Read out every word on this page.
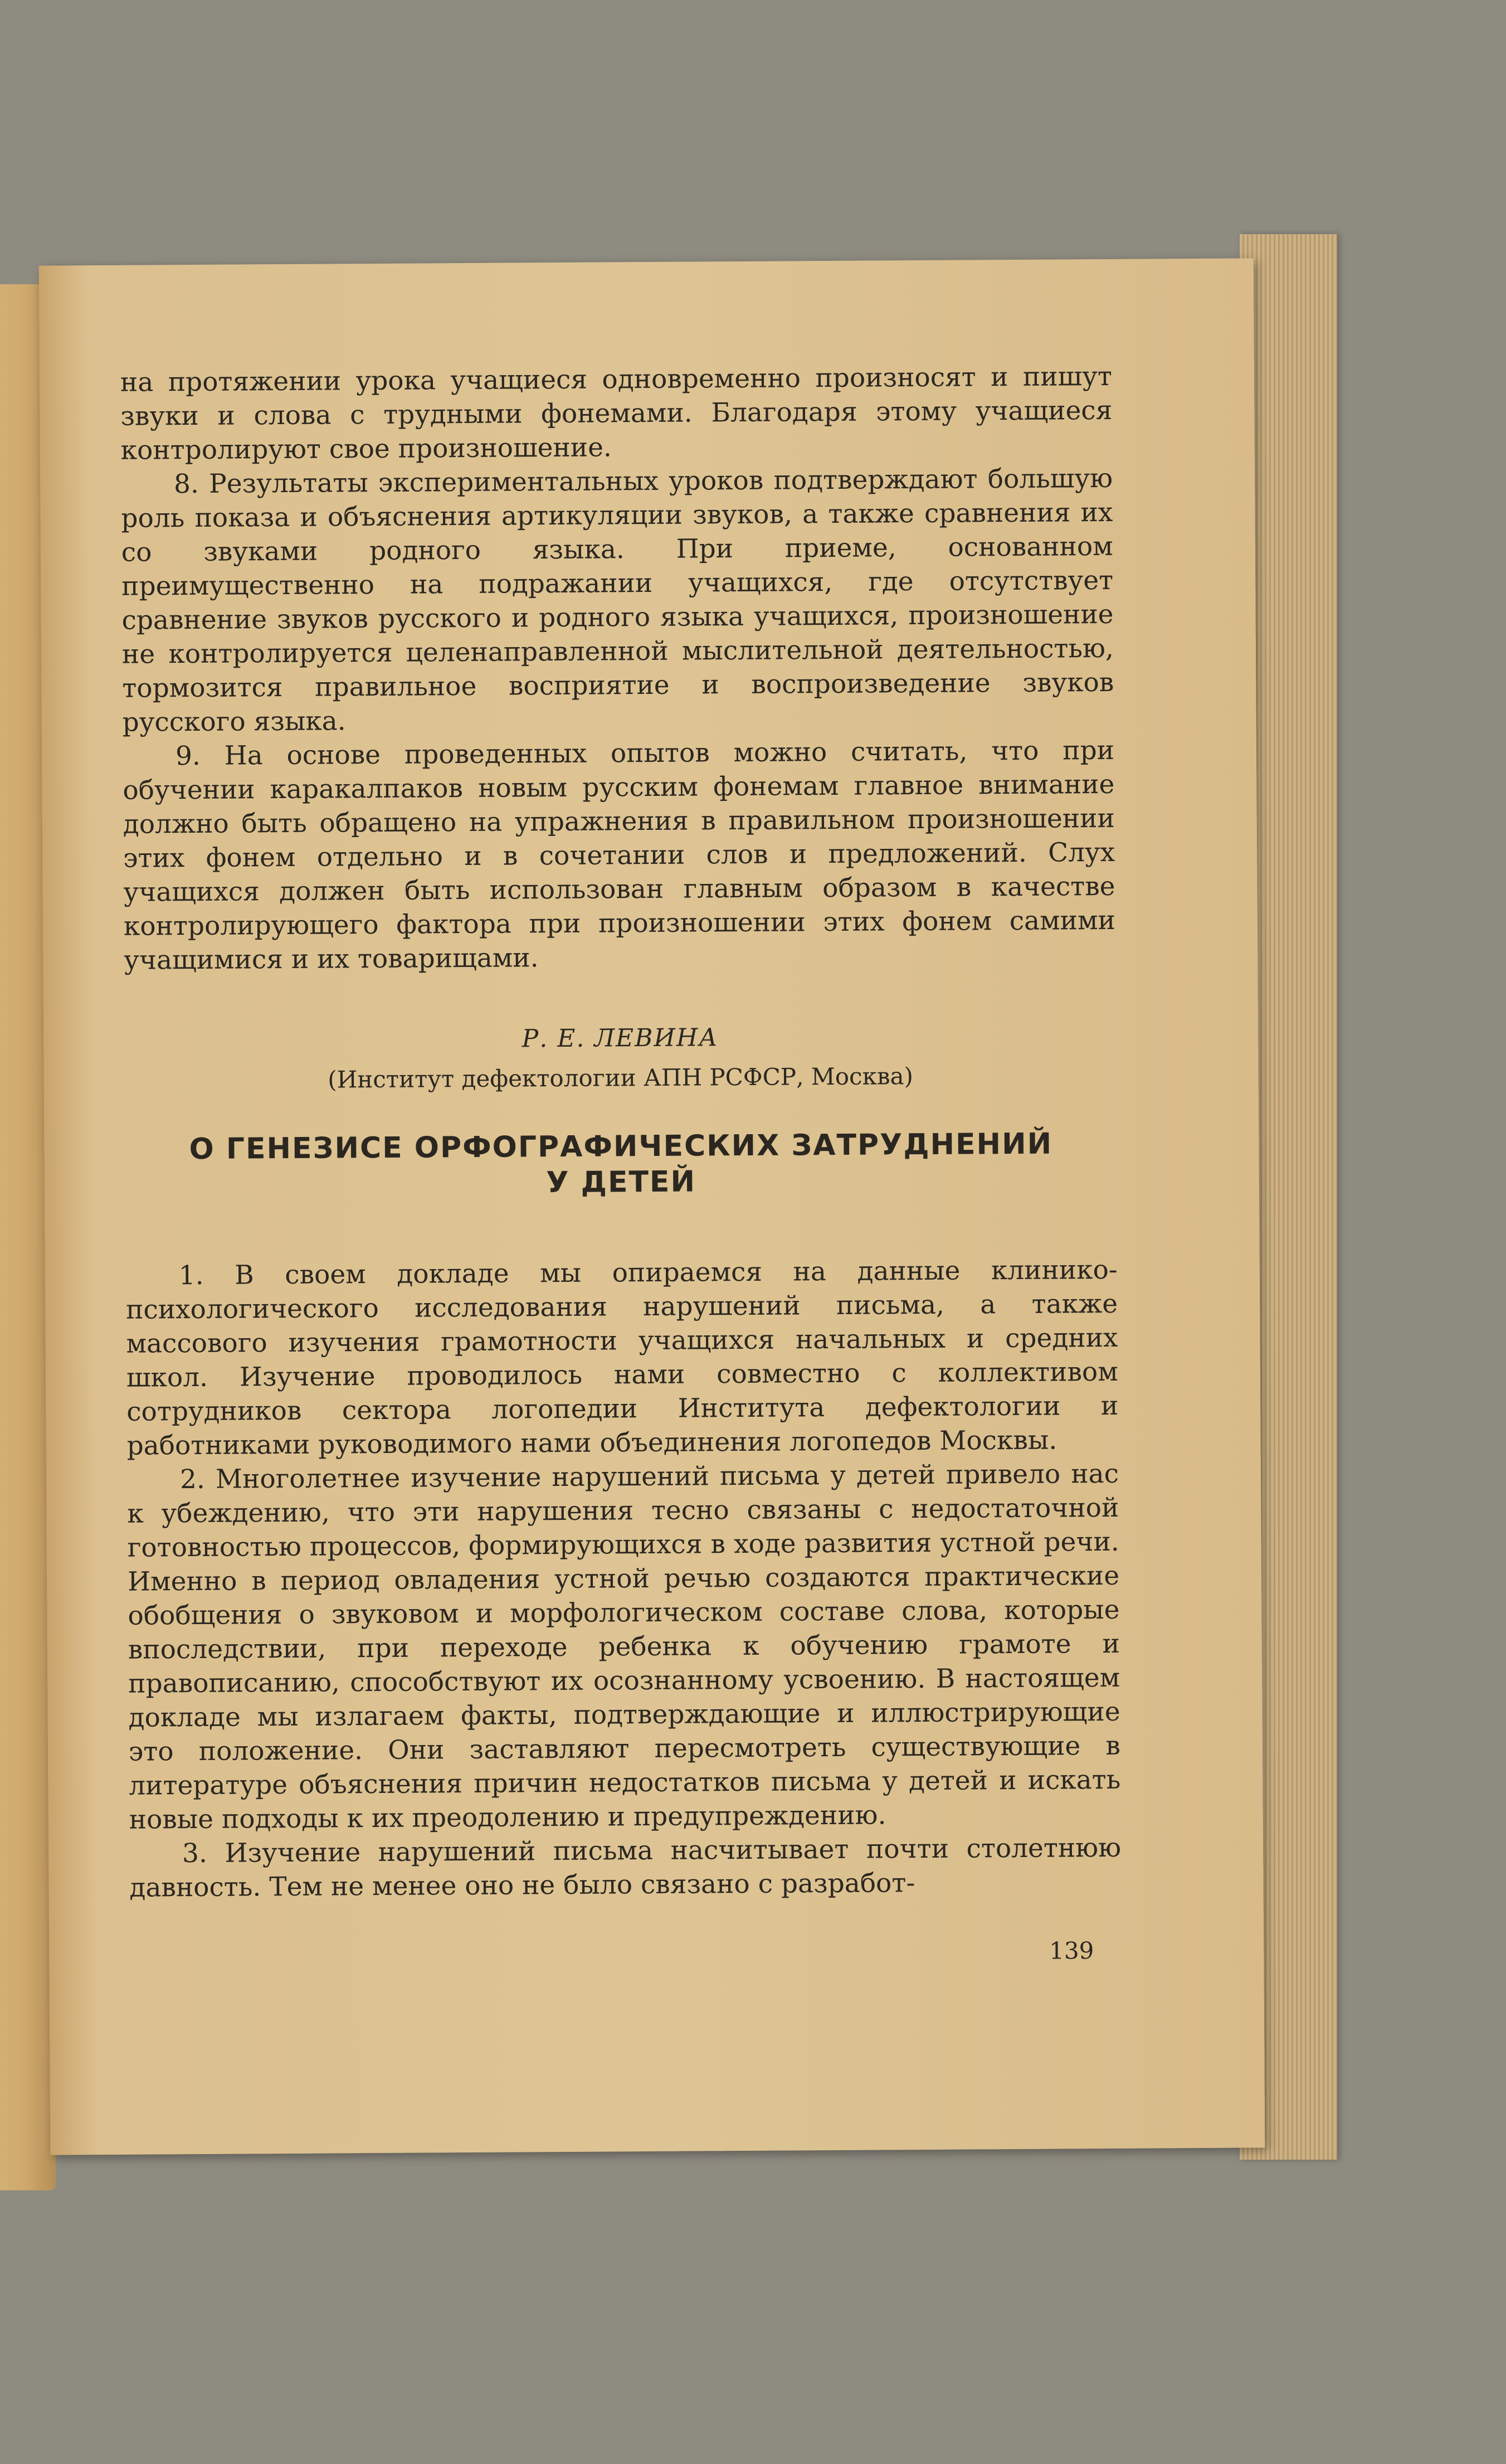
на протяжении урока учащиеся одновременно произносят и пишут звуки и слова с трудными фонемами. Благодаря этому учащиеся контролируют свое произношение.

8. Результаты экспериментальных уроков подтверждают большую роль показа и объяснения артикуляции звуков, а также сравнения их со звуками родного языка. При приеме, основанном преимущественно на подражании учащихся, где отсутствует сравнение звуков русского и родного языка учащихся, произношение не контролируется целенаправленной мыслительной деятельностью, тормозится правильное восприятие и воспроизведение звуков русского языка.

9. На основе проведенных опытов можно считать, что при обучении каракалпаков новым русским фонемам главное внимание должно быть обращено на упражнения в правильном произношении этих фонем отдельно и в сочетании слов и предложений. Слух учащихся должен быть использован главным образом в качестве контролирующего фактора при произношении этих фонем самими учащимися и их товарищами.

Р. Е. ЛЕВИНА
(Институт дефектологии АПН РСФСР, Москва)
О ГЕНЕЗИСЕ ОРФОГРАФИЧЕСКИХ ЗАТРУДНЕНИЙ
У ДЕТЕЙ

1. В своем докладе мы опираемся на данные клинико-психологического исследования нарушений письма, а также массового изучения грамотности учащихся начальных и средних школ. Изучение проводилось нами совместно с коллективом сотрудников сектора логопедии Института дефектологии и работниками руководимого нами объединения логопедов Москвы.

2. Многолетнее изучение нарушений письма у детей привело нас к убеждению, что эти нарушения тесно связаны с недостаточной готовностью процессов, формирующихся в ходе развития устной речи. Именно в период овладения устной речью создаются практические обобщения о звуковом и морфологическом составе слова, которые впоследствии, при переходе ребенка к обучению грамоте и правописанию, способствуют их осознанному усвоению. В настоящем докладе мы излагаем факты, подтверждающие и иллюстрирующие это положение. Они заставляют пересмотреть существующие в литературе объяснения причин недостатков письма у детей и искать новые подходы к их преодолению и предупреждению.

3. Изучение нарушений письма насчитывает почти столетнюю давность. Тем не менее оно не было связано с разработ-

139
